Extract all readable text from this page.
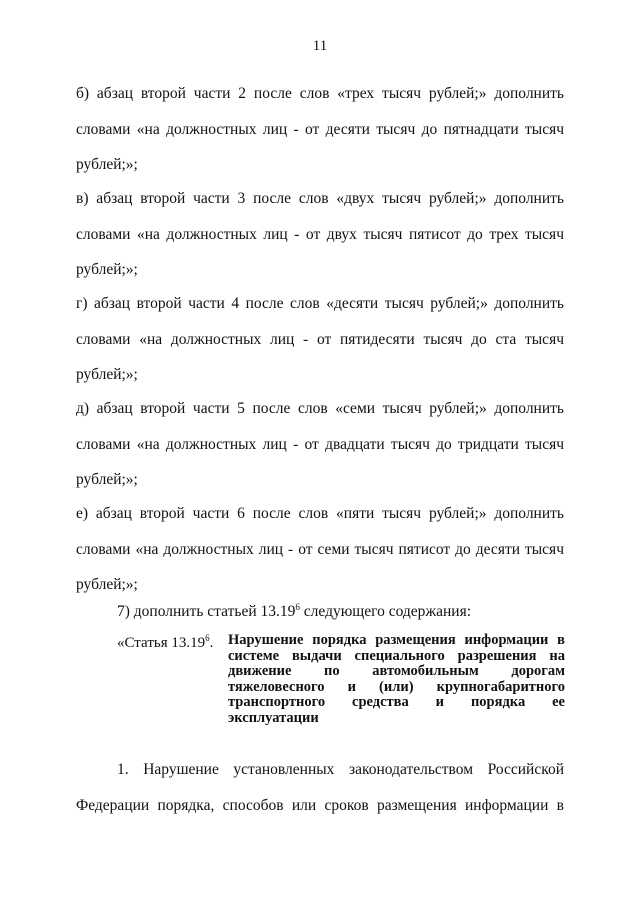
11
б) абзац второй части 2 после слов «трех тысяч рублей;» дополнить
словами «на должностных лиц - от десяти тысяч до пятнадцати тысяч
рублей;»;
в) абзац второй части 3 после слов «двух тысяч рублей;» дополнить
словами «на должностных лиц - от двух тысяч пятисот до трех тысяч
рублей;»;
г) абзац второй части 4 после слов «десяти тысяч рублей;» дополнить
словами «на должностных лиц - от пятидесяти тысяч до ста тысяч
рублей;»;
д) абзац второй части 5 после слов «семи тысяч рублей;» дополнить
словами «на должностных лиц - от двадцати тысяч до тридцати тысяч
рублей;»;
е) абзац второй части 6 после слов «пяти тысяч рублей;» дополнить
словами «на должностных лиц - от семи тысяч пятисот до десяти тысяч
рублей;»;
7) дополнить статьей 13.19$^6$ следующего содержания:
«Статья 13.19$^6$. Нарушение порядка размещения информации в
системе выдачи специального разрешения на
движение по автомобильным дорогам
тяжеловесного и (или) крупногабаритного
транспортного средства и порядка ее
эксплуатации
1. Нарушение установленных законодательством Российской
Федерации порядка, способов или сроков размещения информации в
